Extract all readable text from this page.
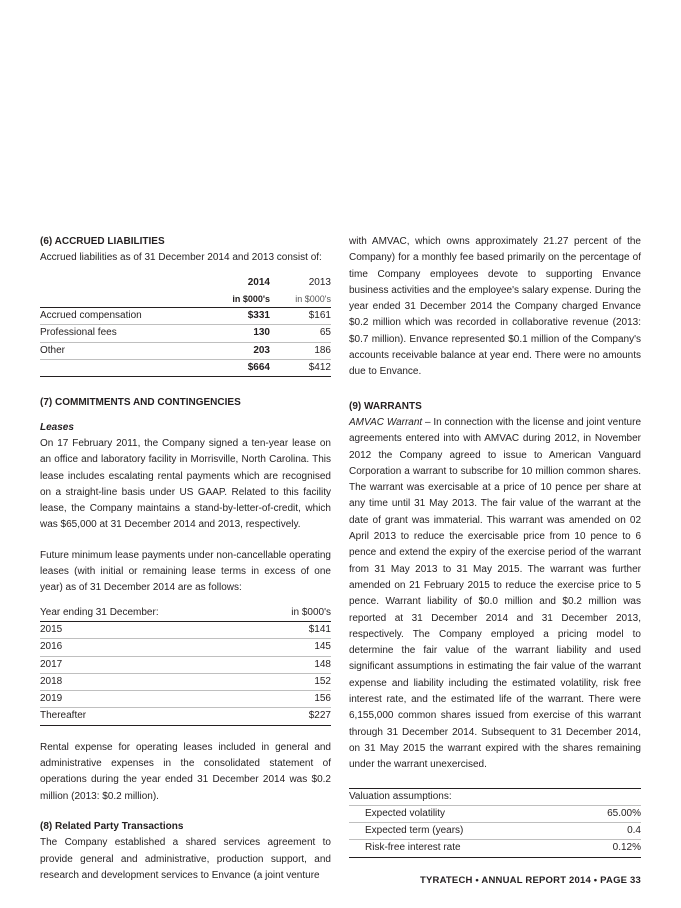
(6) ACCRUED LIABILITIES

Accrued liabilities as of 31 December 2014 and 2013 consist of:

	2014	2013
	in $000's	in $000's
Accrued compensation	$331	$161
Professional fees	130	65
Other	203	186
	$664	$412
(7) COMMITMENTS AND CONTINGENCIES
Leases

On 17 February 2011, the Company signed a ten-year lease on an office and laboratory facility in Morrisville, North Carolina. This lease includes escalating rental payments which are recognised on a straight-line basis under US GAAP. Related to this facility lease, the Company maintains a stand-by-letter-of-credit, which was $65,000 at 31 December 2014 and 2013, respectively.

Future minimum lease payments under non-cancellable operating leases (with initial or remaining lease terms in excess of one year) as of 31 December 2014 are as follows:

Year ending 31 December:	in $000's
2015	$141
2016	145
2017	148
2018	152
2019	156
Thereafter	$227

Rental expense for operating leases included in general and administrative expenses in the consolidated statement of operations during the year ended 31 December 2014 was $0.2 million (2013: $0.2 million).

(8) Related Party Transactions

The Company established a shared services agreement to provide general and administrative, production support, and research and development services to Envance (a joint venture

with AMVAC, which owns approximately 21.27 percent of the Company) for a monthly fee based primarily on the percentage of time Company employees devote to supporting Envance business activities and the employee's salary expense. During the year ended 31 December 2014 the Company charged Envance $0.2 million which was recorded in collaborative revenue (2013: $0.7 million). Envance represented $0.1 million of the Company's accounts receivable balance at year end. There were no amounts due to Envance.

(9) WARRANTS

AMVAC Warrant – In connection with the license and joint venture agreements entered into with AMVAC during 2012, in November 2012 the Company agreed to issue to American Vanguard Corporation a warrant to subscribe for 10 million common shares. The warrant was exercisable at a price of 10 pence per share at any time until 31 May 2013. The fair value of the warrant at the date of grant was immaterial. This warrant was amended on 02 April 2013 to reduce the exercisable price from 10 pence to 6 pence and extend the expiry of the exercise period of the warrant from 31 May 2013 to 31 May 2015. The warrant was further amended on 21 February 2015 to reduce the exercise price to 5 pence. Warrant liability of $0.0 million and $0.2 million was reported at 31 December 2014 and 31 December 2013, respectively. The Company employed a pricing model to determine the fair value of the warrant liability and used significant assumptions in estimating the fair value of the warrant expense and liability including the estimated volatility, risk free interest rate, and the estimated life of the warrant. There were 6,155,000 common shares issued from exercise of this warrant through 31 December 2014. Subsequent to 31 December 2014, on 31 May 2015 the warrant expired with the shares remaining under the warrant unexercised.

Valuation assumptions:	
Expected volatility	65.00%
Expected term (years)	0.4
Risk-free interest rate	0.12%
TYRATECH • ANNUAL REPORT 2014 • PAGE 33
